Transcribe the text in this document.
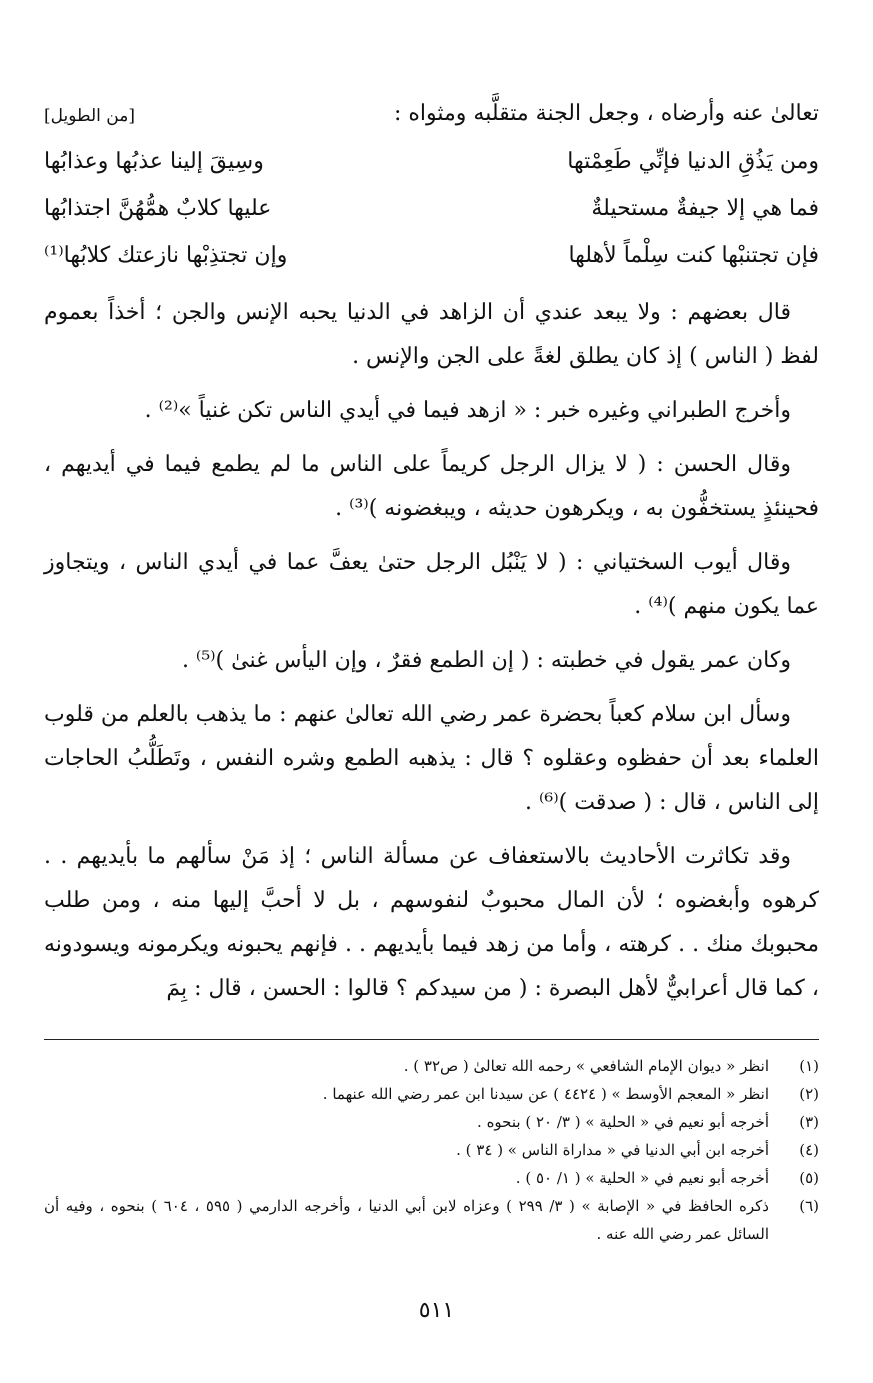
تعالىٰ عنه وأرضاه ، وجعل الجنة متقلَّبه ومثواه :
[من الطويل]
ومن يَذُقِ الدنيا فإنِّي طَعِمْتها
وسِيقَ إلينا عذبُها وعذابُها
فما هي إلا جيفةٌ مستحيلةٌ
عليها كلابٌ همُّهُنَّ اجتذابُها
فإن تجتنبْها كنت سِلْماً لأهلها
وإن تجتذِبْها نازعتك كلابُها⁽¹⁾

قال بعضهم : ولا يبعد عندي أن الزاهد في الدنيا يحبه الإنس والجن ؛ أخذاً بعموم لفظ ( الناس ) إذ كان يطلق لغةً على الجن والإنس .

وأخرج الطبراني وغيره خبر : « ازهد فيما في أيدي الناس تكن غنياً »⁽²⁾ .

وقال الحسن : ( لا يزال الرجل كريماً على الناس ما لم يطمع فيما في أيديهم ، فحينئذٍ يستخفُّون به ، ويكرهون حديثه ، ويبغضونه )⁽³⁾ .

وقال أيوب السختياني : ( لا يَنْبُل الرجل حتىٰ يعفَّ عما في أيدي الناس ، ويتجاوز عما يكون منهم )⁽⁴⁾ .

وكان عمر يقول في خطبته : ( إن الطمع فقرٌ ، وإن اليأس غنىٰ )⁽⁵⁾ .

وسأل ابن سلام كعباً بحضرة عمر رضي الله تعالىٰ عنهم : ما يذهب بالعلم من قلوب العلماء بعد أن حفظوه وعقلوه ؟ قال : يذهبه الطمع وشره النفس ، وتَطَلُّبُ الحاجات إلى الناس ، قال : ( صدقت )⁽⁶⁾ .

وقد تكاثرت الأحاديث بالاستعفاف عن مسألة الناس ؛ إذ مَنْ سألهم ما بأيديهم . . كرهوه وأبغضوه ؛ لأن المال محبوبٌ لنفوسهم ، بل لا أحبَّ إليها منه ، ومن طلب محبوبك منك . . كرهته ، وأما من زهد فيما بأيديهم . . فإنهم يحبونه ويكرمونه ويسودونه ، كما قال أعرابيٌّ لأهل البصرة : ( من سيدكم ؟ قالوا : الحسن ، قال : بِمَ

(١)
انظر « ديوان الإمام الشافعي » رحمه الله تعالىٰ ( ص٣٢ ) .
(٢)
انظر « المعجم الأوسط » ( ٤٤٢٤ ) عن سيدنا ابن عمر رضي الله عنهما .
(٣)
أخرجه أبو نعيم في « الحلية » ( ٣/ ٢٠ ) بنحوه .
(٤)
أخرجه ابن أبي الدنيا في « مداراة الناس » ( ٣٤ ) .
(٥)
أخرجه أبو نعيم في « الحلية » ( ١/ ٥٠ ) .
(٦)
ذكره الحافظ في « الإصابة » ( ٣/ ٢٩٩ ) وعزاه لابن أبي الدنيا ، وأخرجه الدارمي ( ٥٩٥ ، ٦٠٤ ) بنحوه ، وفيه أن السائل عمر رضي الله عنه .
٥١١
